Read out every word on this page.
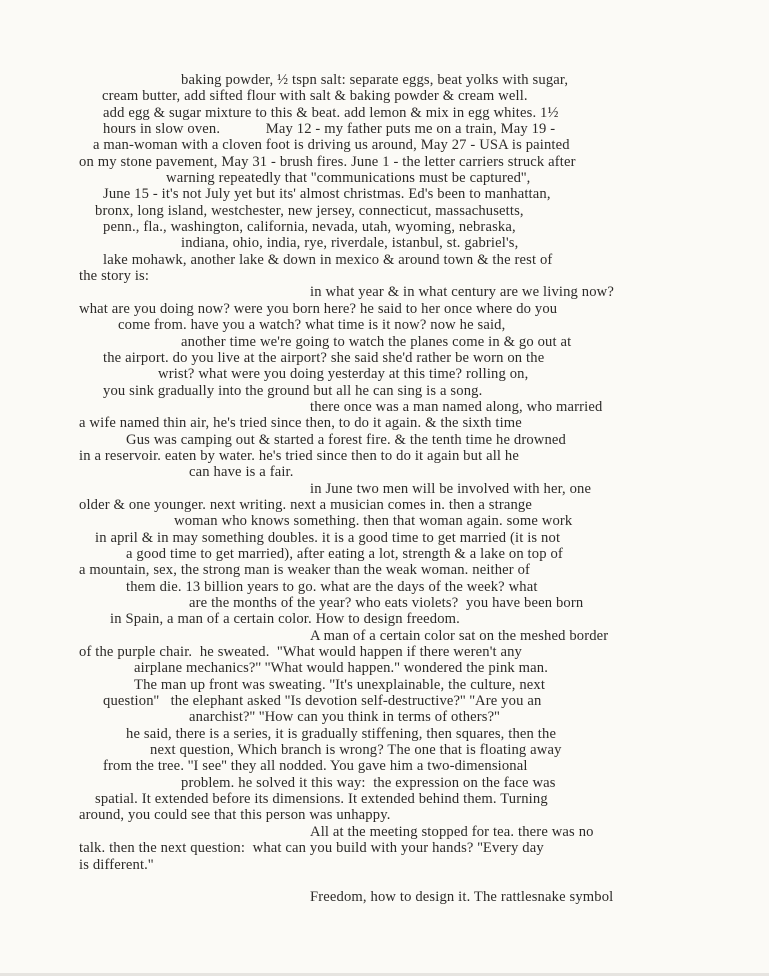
baking powder, ½ tspn salt: separate eggs, beat yolks with sugar,
cream butter, add sifted flour with salt & baking powder & cream well.
add egg & sugar mixture to this & beat. add lemon & mix in egg whites. 1½
hours in slow oven.            May 12 - my father puts me on a train, May 19 -
a man-woman with a cloven foot is driving us around, May 27 - USA is painted
on my stone pavement, May 31 - brush fires. June 1 - the letter carriers struck after
warning repeatedly that ''communications must be captured'',
June 15 - it's not July yet but its' almost christmas. Ed's been to manhattan,
bronx, long island, westchester, new jersey, connecticut, massachusetts,
penn., fla., washington, california, nevada, utah, wyoming, nebraska,
indiana, ohio, india, rye, riverdale, istanbul, st. gabriel's,
lake mohawk, another lake & down in mexico & around town & the rest of
the story is:
in what year & in what century are we living now?
what are you doing now? were you born here? he said to her once where do you
come from. have you a watch? what time is it now? now he said,
another time we're going to watch the planes come in & go out at
the airport. do you live at the airport? she said she'd rather be worn on the
wrist? what were you doing yesterday at this time? rolling on,
you sink gradually into the ground but all he can sing is a song.
there once was a man named along, who married
a wife named thin air, he's tried since then, to do it again. & the sixth time
Gus was camping out & started a forest fire. & the tenth time he drowned
in a reservoir. eaten by water. he's tried since then to do it again but all he
can have is a fair.
in June two men will be involved with her, one
older & one younger. next writing. next a musician comes in. then a strange
woman who knows something. then that woman again. some work
in april & in may something doubles. it is a good time to get married (it is not
a good time to get married), after eating a lot, strength & a lake on top of
a mountain, sex, the strong man is weaker than the weak woman. neither of
them die. 13 billion years to go. what are the days of the week? what
are the months of the year? who eats violets?  you have been born
in Spain, a man of a certain color. How to design freedom.
A man of a certain color sat on the meshed border
of the purple chair.  he sweated.  ''What would happen if there weren't any
airplane mechanics?'' ''What would happen.'' wondered the pink man.
The man up front was sweating. ''It's unexplainable, the culture, next
question''   the elephant asked ''Is devotion self-destructive?'' ''Are you an
anarchist?'' ''How can you think in terms of others?''
he said, there is a series, it is gradually stiffening, then squares, then the
next question, Which branch is wrong? The one that is floating away
from the tree. ''I see'' they all nodded. You gave him a two-dimensional
problem. he solved it this way:  the expression on the face was
spatial. It extended before its dimensions. It extended behind them. Turning
around, you could see that this person was unhappy.
All at the meeting stopped for tea. there was no
talk. then the next question:  what can you build with your hands? ''Every day
is different.''
Freedom, how to design it. The rattlesnake symbol
